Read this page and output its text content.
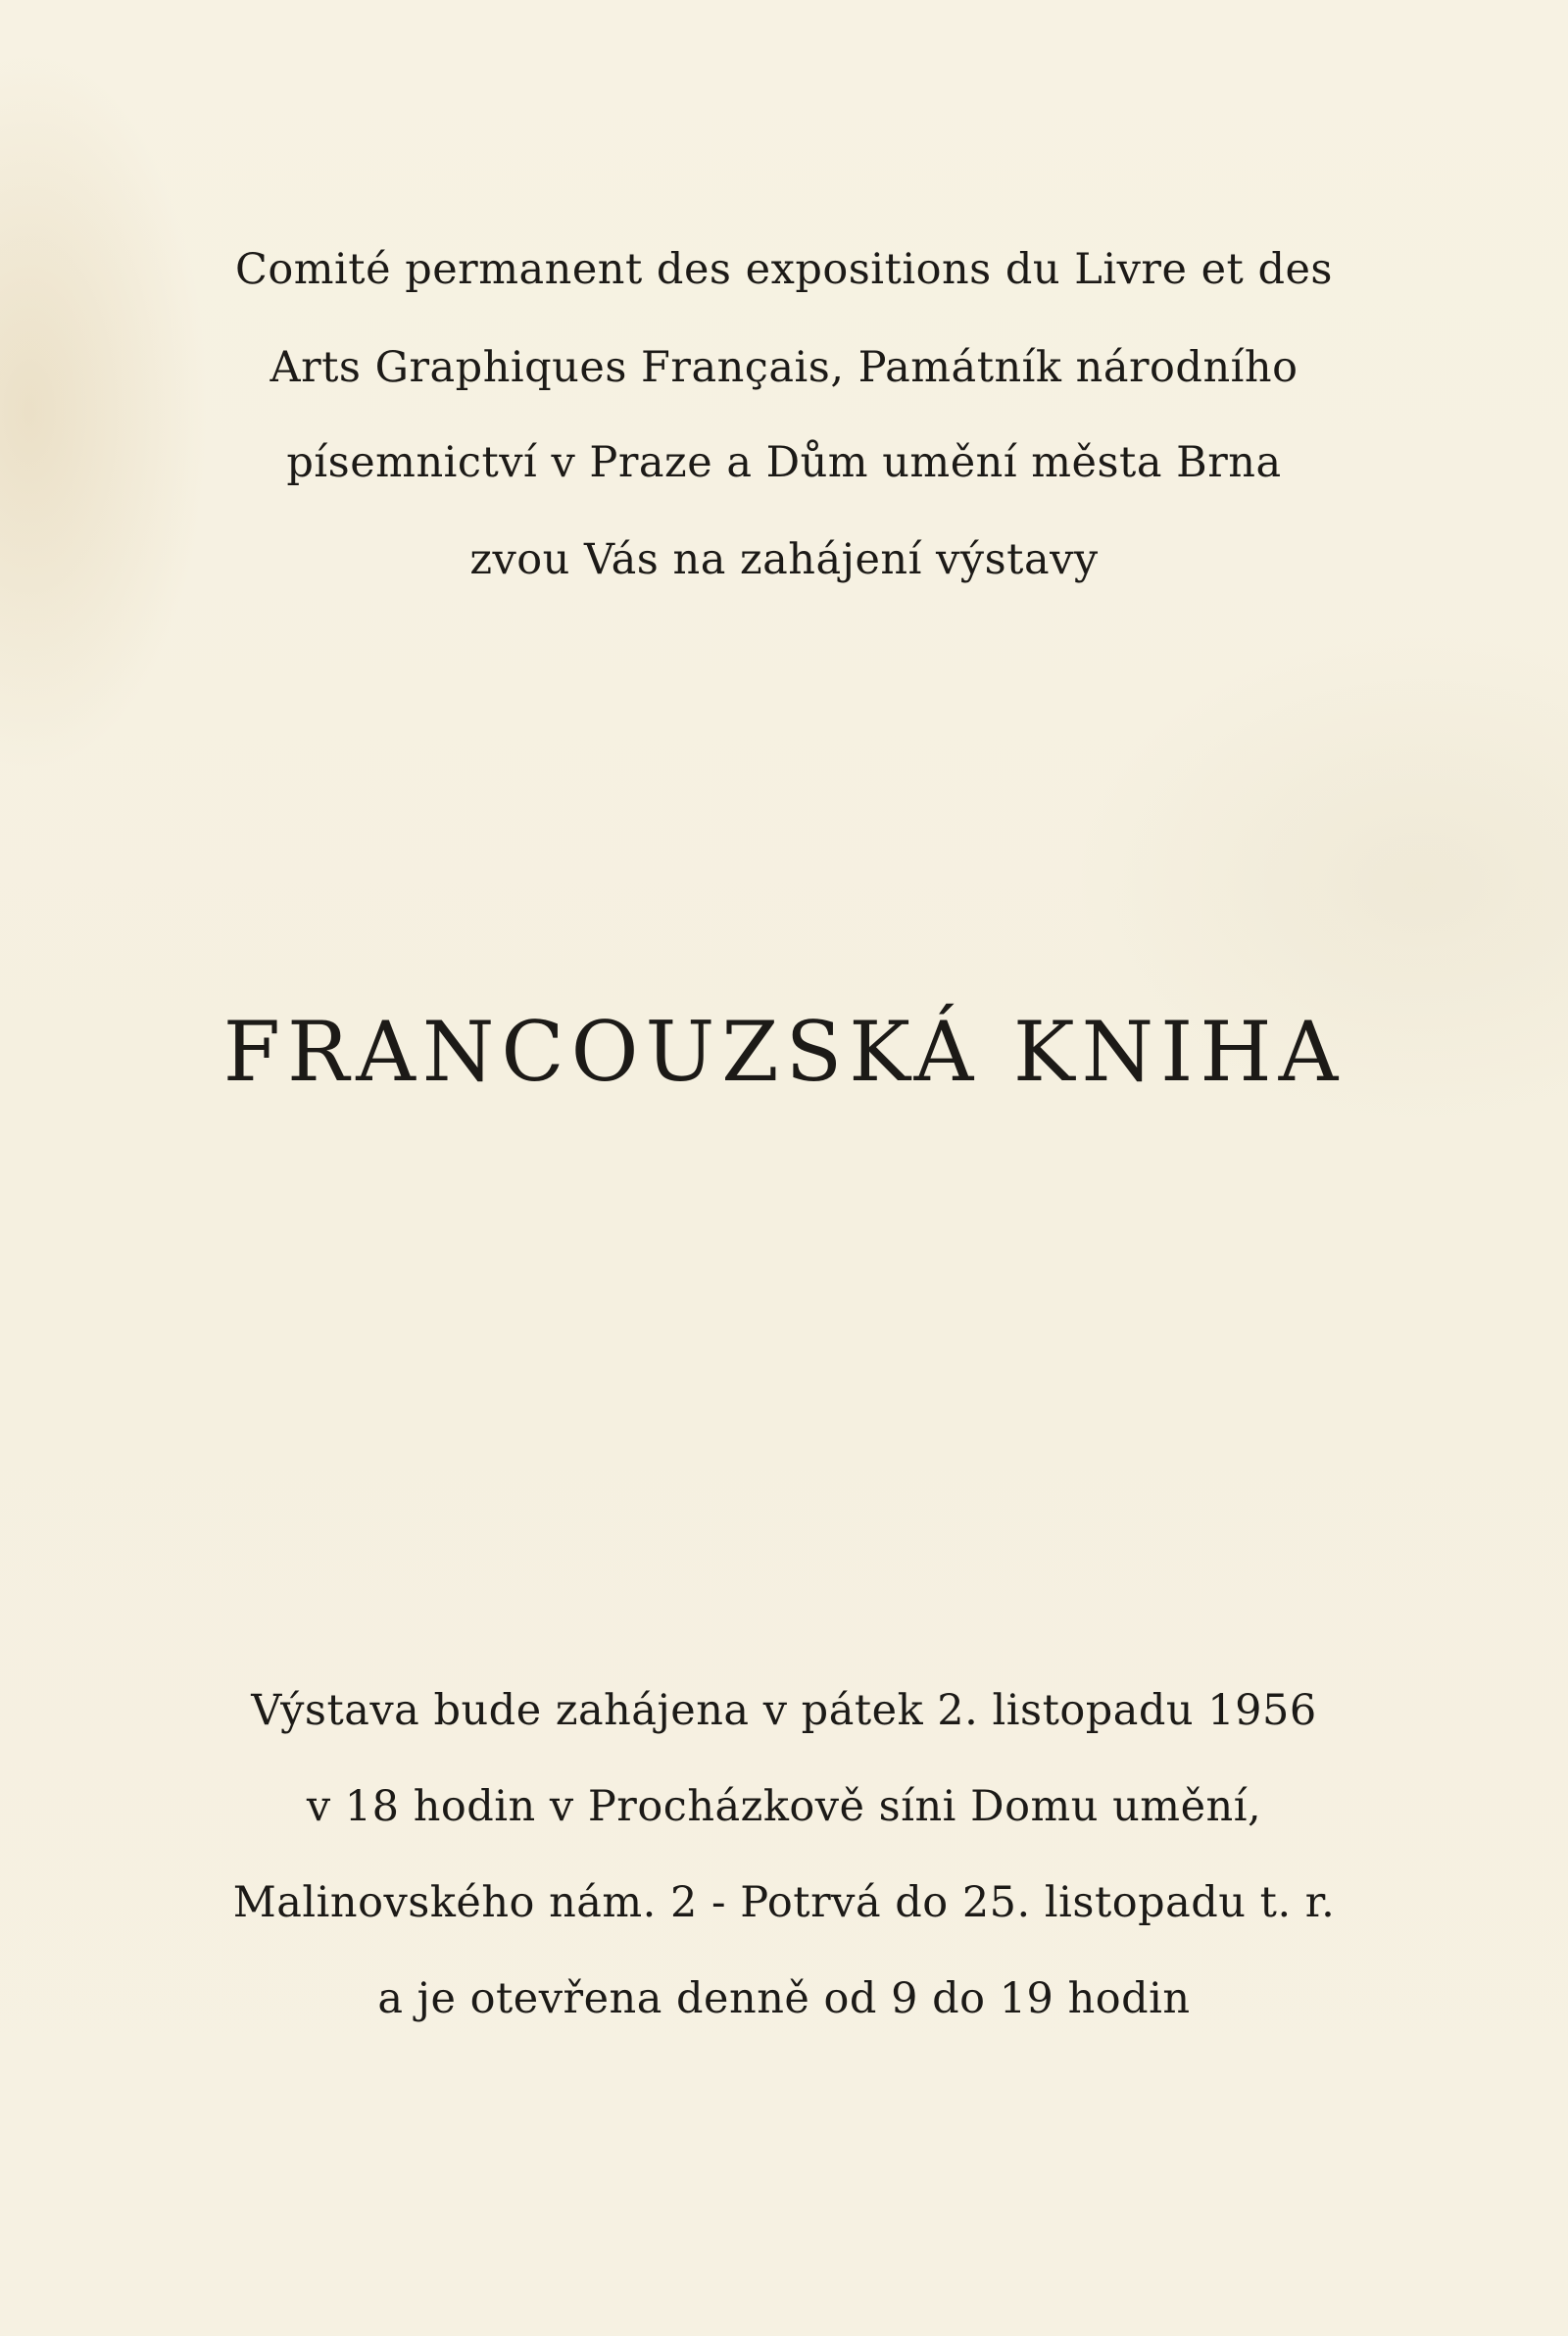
Comité permanent des expositions du Livre et des

Arts Graphiques Français, Památník národního

písemnictví v Praze a Dům umění města Brna

zvou Vás na zahájení výstavy

FRANCOUZSKÁ KNIHA

Výstava bude zahájena v pátek 2. listopadu 1956

v 18 hodin v Procházkově síni Domu umění,

Malinovského nám. 2 - Potrvá do 25. listopadu t. r.

a je otevřena denně od 9 do 19 hodin
